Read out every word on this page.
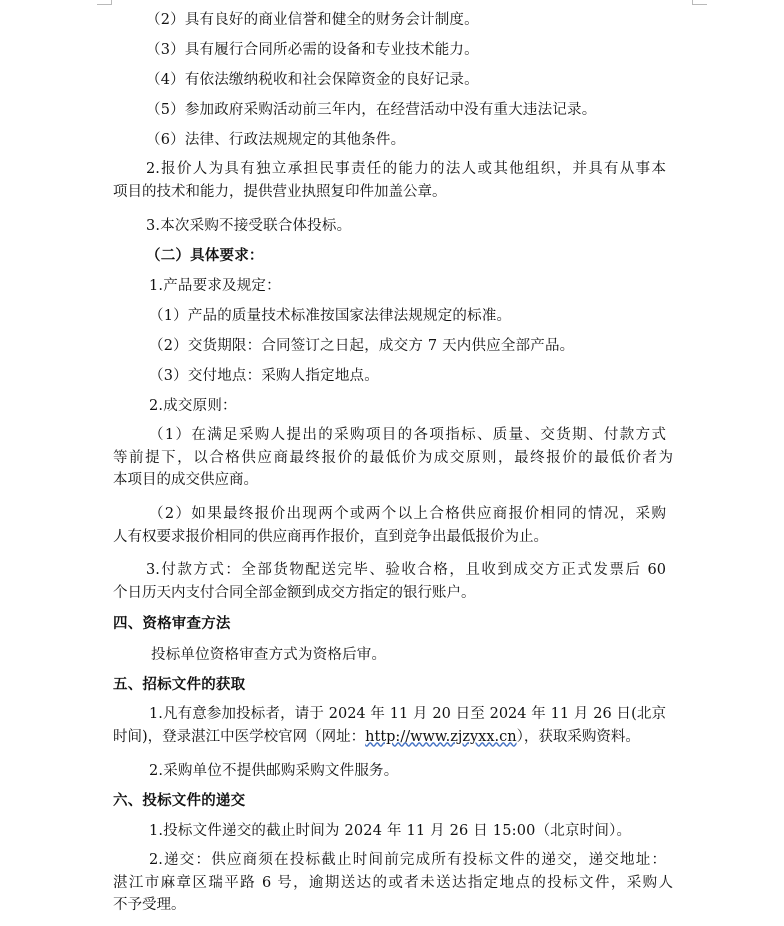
（2）具有良好的商业信誉和健全的财务会计制度。
（3）具有履行合同所必需的设备和专业技术能力。
（4）有依法缴纳税收和社会保障资金的良好记录。
（5）参加政府采购活动前三年内，在经营活动中没有重大违法记录。
（6）法律、行政法规规定的其他条件。
2.报价人为具有独立承担民事责任的能力的法人或其他组织，并具有从事本
项目的技术和能力，提供营业执照复印件加盖公章。
3.本次采购不接受联合体投标。
（二）具体要求：
1.产品要求及规定：
（1）产品的质量技术标准按国家法律法规规定的标准。
（2）交货期限：合同签订之日起，成交方 7 天内供应全部产品。
（3）交付地点：采购人指定地点。
2.成交原则：
（1）在满足采购人提出的采购项目的各项指标、质量、交货期、付款方式
等前提下，以合格供应商最终报价的最低价为成交原则，最终报价的最低价者为
本项目的成交供应商。
（2）如果最终报价出现两个或两个以上合格供应商报价相同的情况，采购
人有权要求报价相同的供应商再作报价，直到竞争出最低报价为止。
3.付款方式：全部货物配送完毕、验收合格，且收到成交方正式发票后 60
个日历天内支付合同全部金额到成交方指定的银行账户。
四、资格审查方法
投标单位资格审查方式为资格后审。
五、招标文件的获取
1.凡有意参加投标者，请于 2024 年 11 月 20 日至 2024 年 11 月 26 日(北京
时间)，登录湛江中医学校官网（网址：http://www.zjzyxx.cn），获取采购资料。
2.采购单位不提供邮购采购文件服务。
六、投标文件的递交
1.投标文件递交的截止时间为 2024 年 11 月 26 日 15:00（北京时间）。
2.递交：供应商须在投标截止时间前完成所有投标文件的递交，递交地址：
湛江市麻章区瑞平路 6 号，逾期送达的或者未送达指定地点的投标文件，采购人
不予受理。
